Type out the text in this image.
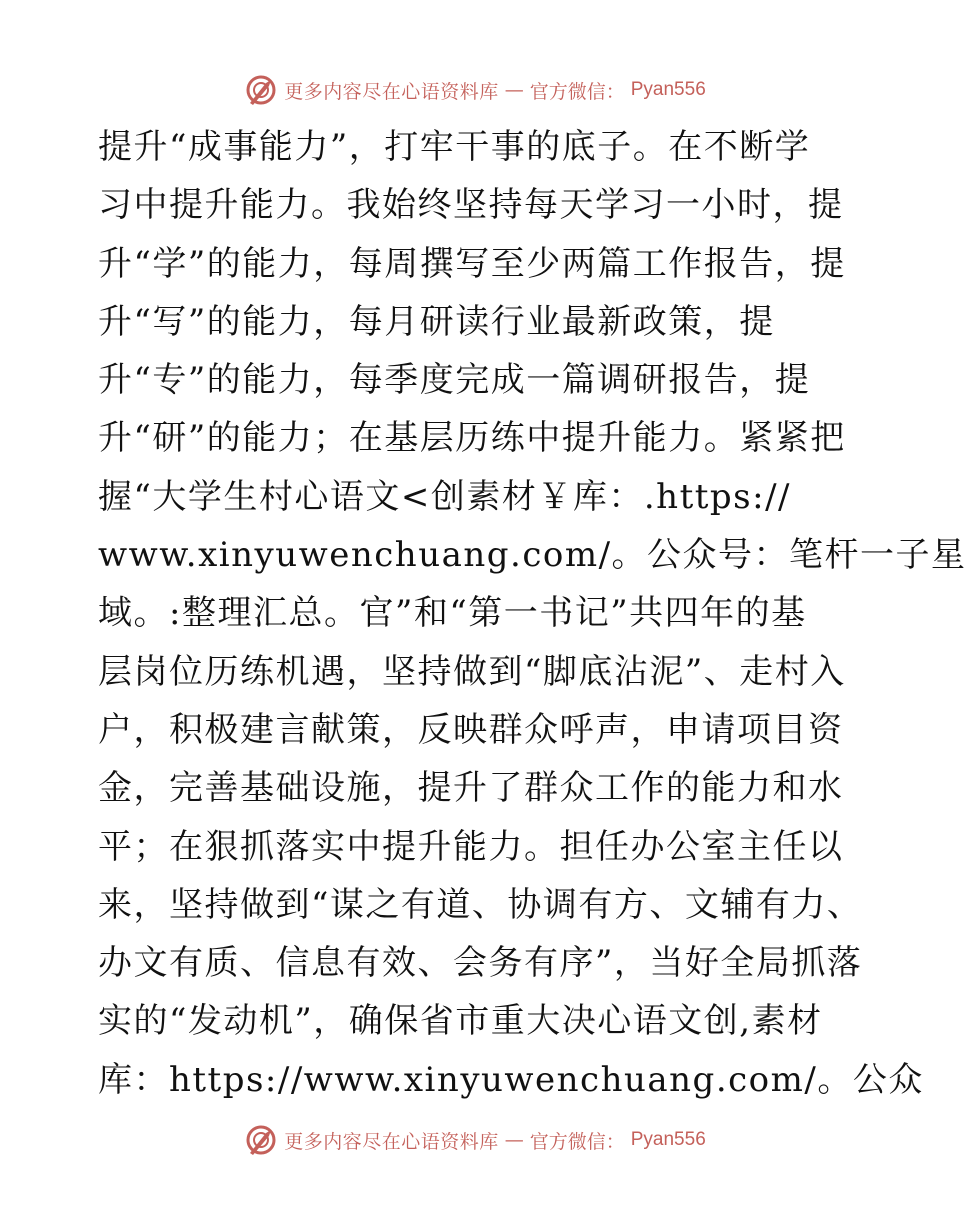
更多内容尽在心语资料库 — 官方微信： Pyan556
提升“成事能力”，打牢干事的底子。在不断学
习中提升能力。我始终坚持每天学习一小时，提
升“学”的能力，每周撰写至少两篇工作报告，提
升“写”的能力，每月研读行业最新政策，提
升“专”的能力，每季度完成一篇调研报告，提
升“研”的能力；在基层历练中提升能力。紧紧把
握“大学生村心语文<创素材￥库：.https://
www.xinyuwenchuang.com/。公众号：笔杆一子星
域。:整理汇总。官”和“第一书记”共四年的基
层岗位历练机遇，坚持做到“脚底沾泥”、走村入
户，积极建言献策，反映群众呼声，申请项目资
金，完善基础设施，提升了群众工作的能力和水
平；在狠抓落实中提升能力。担任办公室主任以
来，坚持做到“谋之有道、协调有方、文辅有力、
办文有质、信息有效、会务有序”，当好全局抓落
实的“发动机”，确保省市重大决心语文创,素材
库：https://www.xinyuwenchuang.com/。公众
更多内容尽在心语资料库 — 官方微信： Pyan556
